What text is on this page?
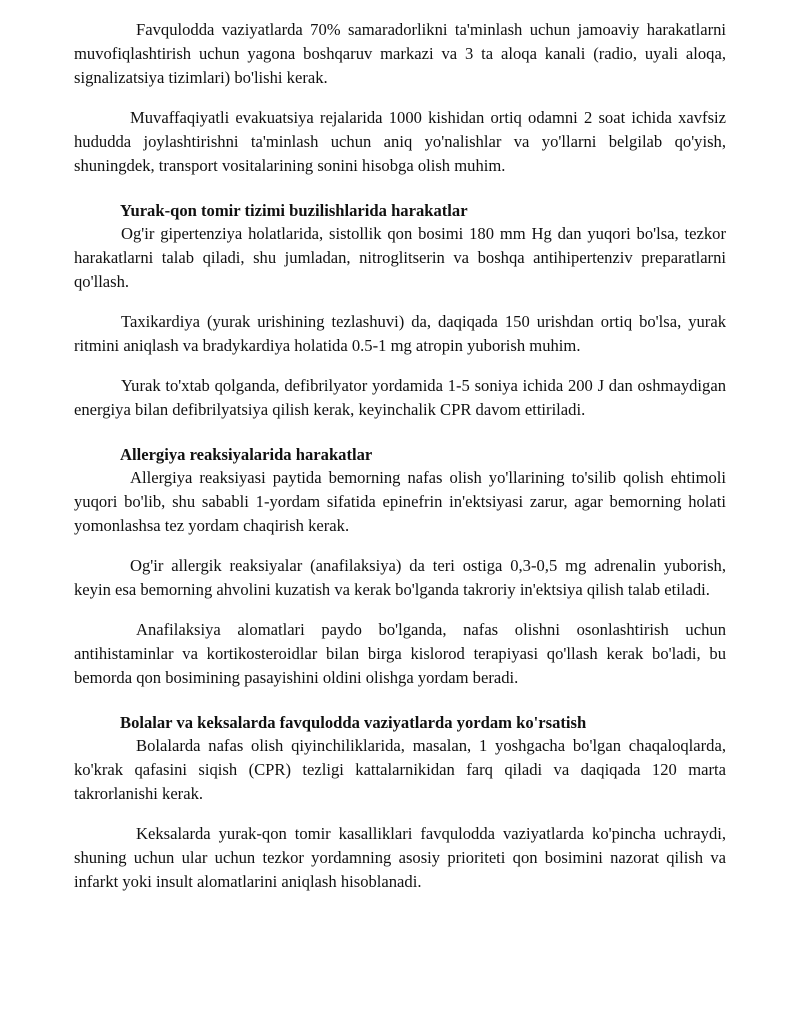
Favqulodda vaziyatlarda 70% samaradorlikni ta'minlash uchun jamoaviy harakatlarni muvofiqlashtirish uchun yagona boshqaruv markazi va 3 ta aloqa kanali (radio, uyali aloqa, signalizatsiya tizimlari) bo'lishi kerak.

Muvaffaqiyatli evakuatsiya rejalarida 1000 kishidan ortiq odamni 2 soat ichida xavfsiz hududda joylashtirishni ta'minlash uchun aniq yo'nalishlar va yo'llarni belgilab qo'yish, shuningdek, transport vositalarining sonini hisobga olish muhim.

Yurak-qon tomir tizimi buzilishlarida harakatlar

Og'ir gipertenziya holatlarida, sistollik qon bosimi 180 mm Hg dan yuqori bo'lsa, tezkor harakatlarni talab qiladi, shu jumladan, nitroglitserin va boshqa antihipertenziv preparatlarni qo'llash.

Taxikardiya (yurak urishining tezlashuvi) da, daqiqada 150 urishdan ortiq bo'lsa, yurak ritmini aniqlash va bradykardiya holatida 0.5-1 mg atropin yuborish muhim.

Yurak to'xtab qolganda, defibrilyator yordamida 1-5 soniya ichida 200 J dan oshmaydigan energiya bilan defibrilyatsiya qilish kerak, keyinchalik CPR davom ettiriladi.

Allergiya reaksiyalarida harakatlar

Allergiya reaksiyasi paytida bemorning nafas olish yo'llarining to'silib qolish ehtimoli yuqori bo'lib, shu sababli 1-yordam sifatida epinefrin in'ektsiyasi zarur, agar bemorning holati yomonlashsa tez yordam chaqirish kerak.

Og'ir allergik reaksiyalar (anafilaksiya) da teri ostiga 0,3-0,5 mg adrenalin yuborish, keyin esa bemorning ahvolini kuzatish va kerak bo'lganda takroriy in'ektsiya qilish talab etiladi.

Anafilaksiya alomatlari paydo bo'lganda, nafas olishni osonlashtirish uchun antihistaminlar va kortikosteroidlar bilan birga kislorod terapiyasi qo'llash kerak bo'ladi, bu bemorda qon bosimining pasayishini oldini olishga yordam beradi.

Bolalar va keksalarda favqulodda vaziyatlarda yordam ko'rsatish

Bolalarda nafas olish qiyinchiliklarida, masalan, 1 yoshgacha bo'lgan chaqaloqlarda, ko'krak qafasini siqish (CPR) tezligi kattalarnikidan farq qiladi va daqiqada 120 marta takrorlanishi kerak.

Keksalarda yurak-qon tomir kasalliklari favqulodda vaziyatlarda ko'pincha uchraydi, shuning uchun ular uchun tezkor yordamning asosiy prioriteti qon bosimini nazorat qilish va infarkt yoki insult alomatlarini aniqlash hisoblanadi.
